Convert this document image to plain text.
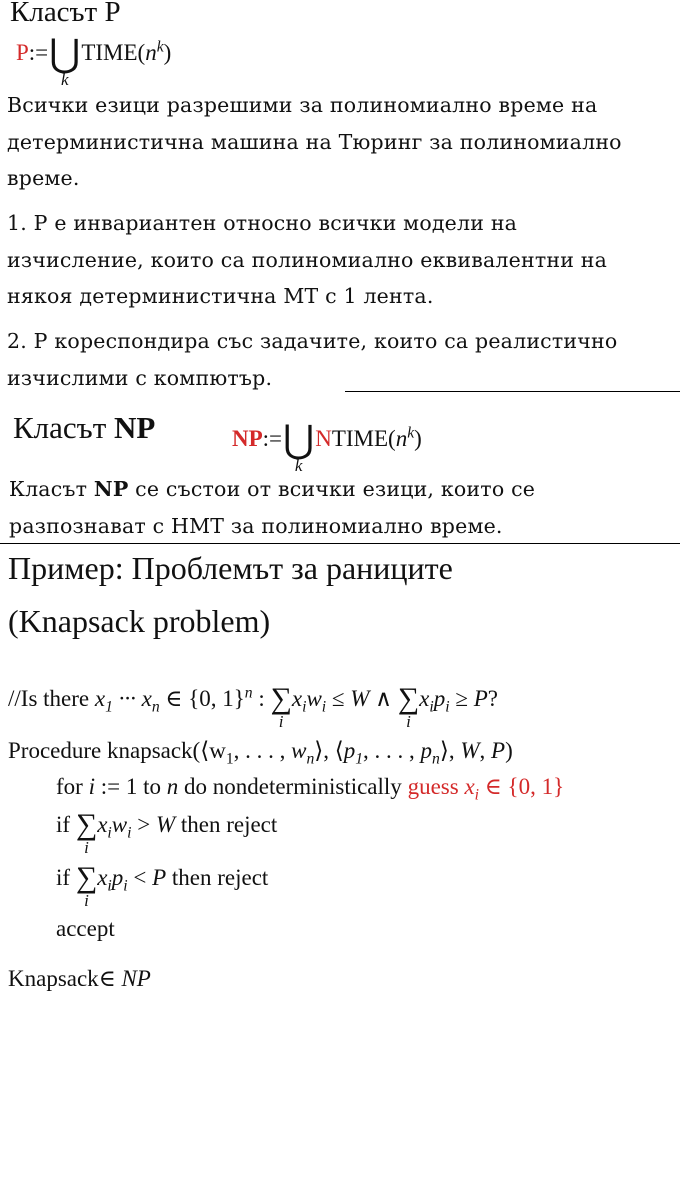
Класът P
P:=⋃
k
$TIME(n^k)$
Всички езици разрешими за полиномиално време на
детерминистична машина на Тюринг за полиномиално
време.
1. P е инвариантен относно всички модели на
изчисление, които са полиномиално еквивалентни на
някоя детерминистична МТ с 1 лента.
2. P кореспондира със задачите, които са реалистично
изчислими с компютър.
Класът NP	NP:=⋃
k
$NTIME(n^k)$
Класът NP се състои от всички езици, които се
разпознават с НМТ за полиномиално време.
Пример: Проблемът за раниците
(Knapsack problem)
//Is there $x_1$ ··· $x_n$ ∈ {0, 1}$^n$ : ∑
i
$x_iw_i \le W$ ∧ ∑
i
$x_ip_i \ge P$?
Procedure $knapsack(⟨w_1$, . . . , $w_n⟩$, $⟨p_1$, . . . , $p_n⟩$, W, P)
for i := 1 to n do nondeterministically guess $x_i$ ∈ {0, 1}
if ∑
i
$x_iw_i > W$ then reject
if ∑
i
$x_ip_i < P$ then reject
accept
Knapsack∈ NP
